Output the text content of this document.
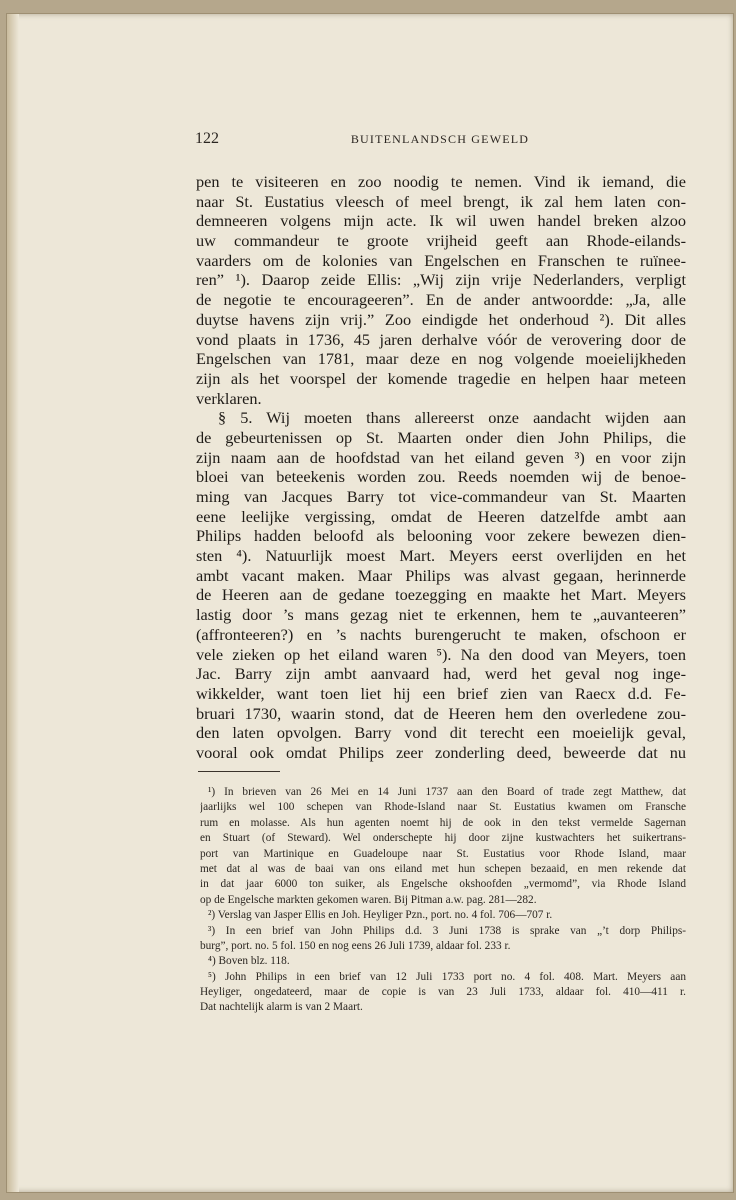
122	BUITENLANDSCH GEWELD
pen te visiteeren en zoo noodig te nemen. Vind ik iemand, die
naar St. Eustatius vleesch of meel brengt, ik zal hem laten con-
demneeren volgens mijn acte. Ik wil uwen handel breken alzoo
uw commandeur te groote vrijheid geeft aan Rhode-eilands-
vaarders om de kolonies van Engelschen en Franschen te ruïnee-
ren” ¹). Daarop zeide Ellis: „Wij zijn vrije Nederlanders, verpligt
de negotie te encourageeren”. En de ander antwoordde: „Ja, alle
duytse havens zijn vrij.” Zoo eindigde het onderhoud ²). Dit alles
vond plaats in 1736, 45 jaren derhalve vóór de verovering door de
Engelschen van 1781, maar deze en nog volgende moeielijkheden
zijn als het voorspel der komende tragedie en helpen haar meteen
verklaren.
§ 5. Wij moeten thans allereerst onze aandacht wijden aan
de gebeurtenissen op St. Maarten onder dien John Philips, die
zijn naam aan de hoofdstad van het eiland geven ³) en voor zijn
bloei van beteekenis worden zou. Reeds noemden wij de benoe-
ming van Jacques Barry tot vice-commandeur van St. Maarten
eene leelijke vergissing, omdat de Heeren datzelfde ambt aan
Philips hadden beloofd als belooning voor zekere bewezen dien-
sten ⁴). Natuurlijk moest Mart. Meyers eerst overlijden en het
ambt vacant maken. Maar Philips was alvast gegaan, herinnerde
de Heeren aan de gedane toezegging en maakte het Mart. Meyers
lastig door ’s mans gezag niet te erkennen, hem te „auvanteeren”
(affronteeren?) en ’s nachts burengerucht te maken, ofschoon er
vele zieken op het eiland waren ⁵). Na den dood van Meyers, toen
Jac. Barry zijn ambt aanvaard had, werd het geval nog inge-
wikkelder, want toen liet hij een brief zien van Raecx d.d. Fe-
bruari 1730, waarin stond, dat de Heeren hem den overledene zou-
den laten opvolgen. Barry vond dit terecht een moeielijk geval,
vooral ook omdat Philips zeer zonderling deed, beweerde dat nu
¹) In brieven van 26 Mei en 14 Juni 1737 aan den Board of trade zegt Matthew, dat
jaarlijks wel 100 schepen van Rhode-Island naar St. Eustatius kwamen om Fransche
rum en molasse. Als hun agenten noemt hij de ook in den tekst vermelde Sagernan
en Stuart (of Steward). Wel onderschepte hij door zijne kustwachters het suikertrans-
port van Martinique en Guadeloupe naar St. Eustatius voor Rhode Island, maar
met dat al was de baai van ons eiland met hun schepen bezaaid, en men rekende dat
in dat jaar 6000 ton suiker, als Engelsche okshoofden „vermomd”, via Rhode Island
op de Engelsche markten gekomen waren. Bij Pitman a.w. pag. 281—282.
²) Verslag van Jasper Ellis en Joh. Heyliger Pzn., port. no. 4 fol. 706—707 r.
³) In een brief van John Philips d.d. 3 Juni 1738 is sprake van „’t dorp Philips-
burg”, port. no. 5 fol. 150 en nog eens 26 Juli 1739, aldaar fol. 233 r.
⁴) Boven blz. 118.
⁵) John Philips in een brief van 12 Juli 1733 port no. 4 fol. 408. Mart. Meyers aan
Heyliger, ongedateerd, maar de copie is van 23 Juli 1733, aldaar fol. 410—411 r.
Dat nachtelijk alarm is van 2 Maart.
